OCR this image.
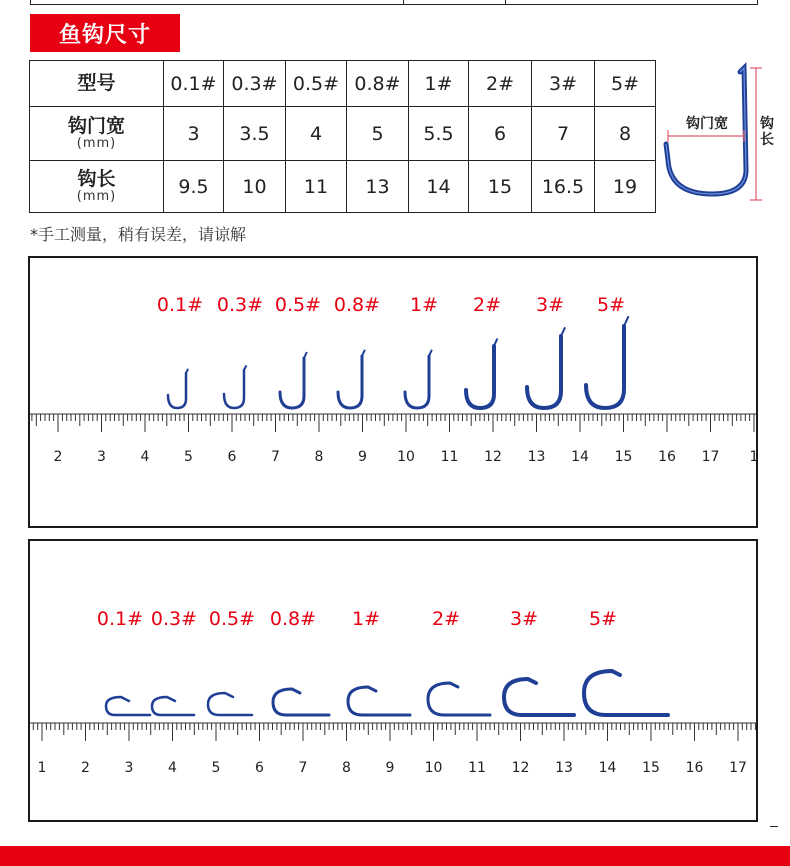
鱼钩尺寸
型号	0.1#	0.3#	0.5#	0.8#	1#	2#	3#	5#
钩门宽
(mm)	3	3.5	4	5	5.5	6	7	8
钩长
(mm)	9.5	10	11	13	14	15	16.5	19
钩门宽 钩长
*手工测量，稍有误差，请谅解
2 3 4 5 6 7 8 9 10 11 12 13 14 15 16 17 1
0.1# 0.3# 0.5# 0.8# 1# 2# 3# 5#
1 2 3 4 5 6 7 8 9 10 11 12 13 14 15 16 17
0.1# 0.3# 0.5# 0.8# 1#	2#	3#	5#
